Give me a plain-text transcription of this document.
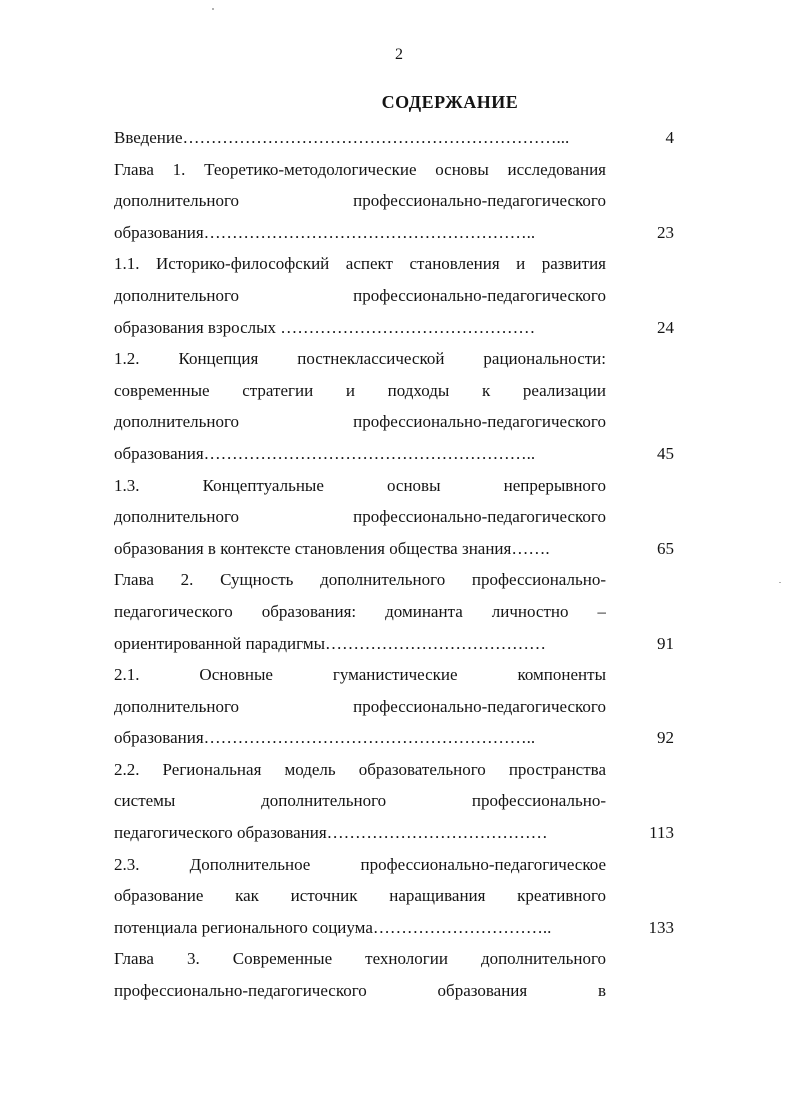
2
СОДЕРЖАНИЕ
Введение…………………………………………………………...	4
Глава 1. Теоретико-методологические основы исследования
дополнительного профессионально-педагогического
образования…………………………………………………..	23
1.1. Историко-философский аспект становления и развития
дополнительного профессионально-педагогического
образования взрослых ………………………………………	24
1.2. Концепция постнеклассической рациональности:
современные стратегии и подходы к реализации
дополнительного профессионально-педагогического
образования…………………………………………………..	45
1.3. Концептуальные основы непрерывного
дополнительного профессионально-педагогического
образования в контексте становления общества знания…….	65
Глава 2. Сущность дополнительного профессионально-
педагогического образования: доминанта личностно –
ориентированной парадигмы…………………………………	91
2.1. Основные гуманистические компоненты
дополнительного профессионально-педагогического
образования…………………………………………………..	92
2.2. Региональная модель образовательного пространства
системы дополнительного профессионально-
педагогического образования…………………………………	113
2.3. Дополнительное профессионально-педагогическое
образование как источник наращивания креативного
потенциала регионального социума…………………………..	133
Глава 3. Современные технологии дополнительного
профессионально-педагогического образования в
